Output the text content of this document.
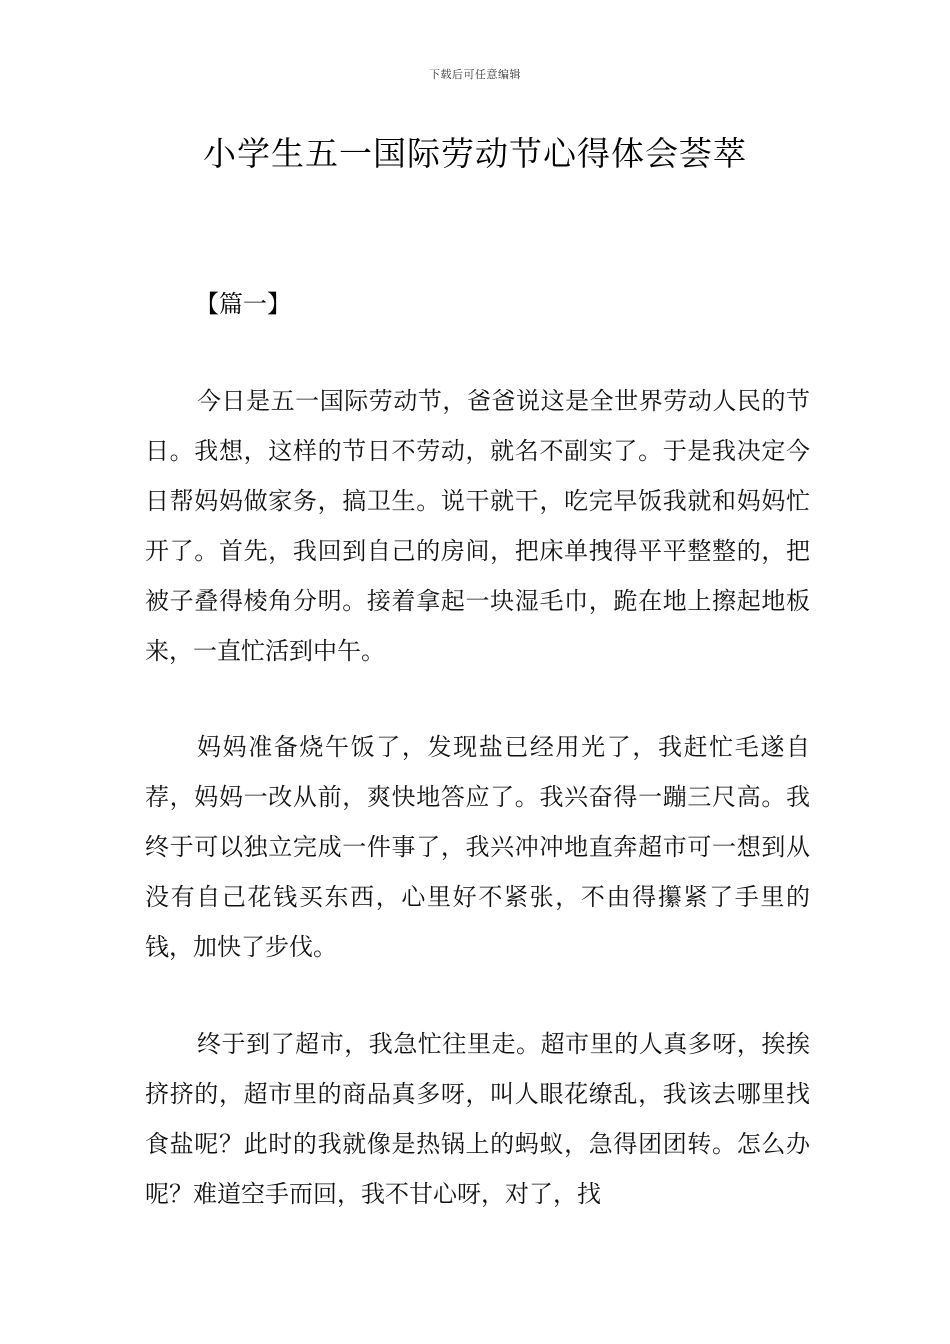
下载后可任意编辑
小学生五一国际劳动节心得体会荟萃
【篇一】

今日是五一国际劳动节，爸爸说这是全世界劳动人民的节日。我想，这样的节日不劳动，就名不副实了。于是我决定今日帮妈妈做家务，搞卫生。说干就干，吃完早饭我就和妈妈忙开了。首先，我回到自己的房间，把床单拽得平平整整的，把被子叠得棱角分明。接着拿起一块湿毛巾，跪在地上擦起地板来，一直忙活到中午。

妈妈准备烧午饭了，发现盐已经用光了，我赶忙毛遂自荐，妈妈一改从前，爽快地答应了。我兴奋得一蹦三尺高。我终于可以独立完成一件事了，我兴冲冲地直奔超市可一想到从没有自己花钱买东西，心里好不紧张，不由得攥紧了手里的钱，加快了步伐。

终于到了超市，我急忙往里走。超市里的人真多呀，挨挨挤挤的，超市里的商品真多呀，叫人眼花缭乱，我该去哪里找食盐呢？此时的我就像是热锅上的蚂蚁，急得团团转。怎么办呢？难道空手而回，我不甘心呀，对了，找
